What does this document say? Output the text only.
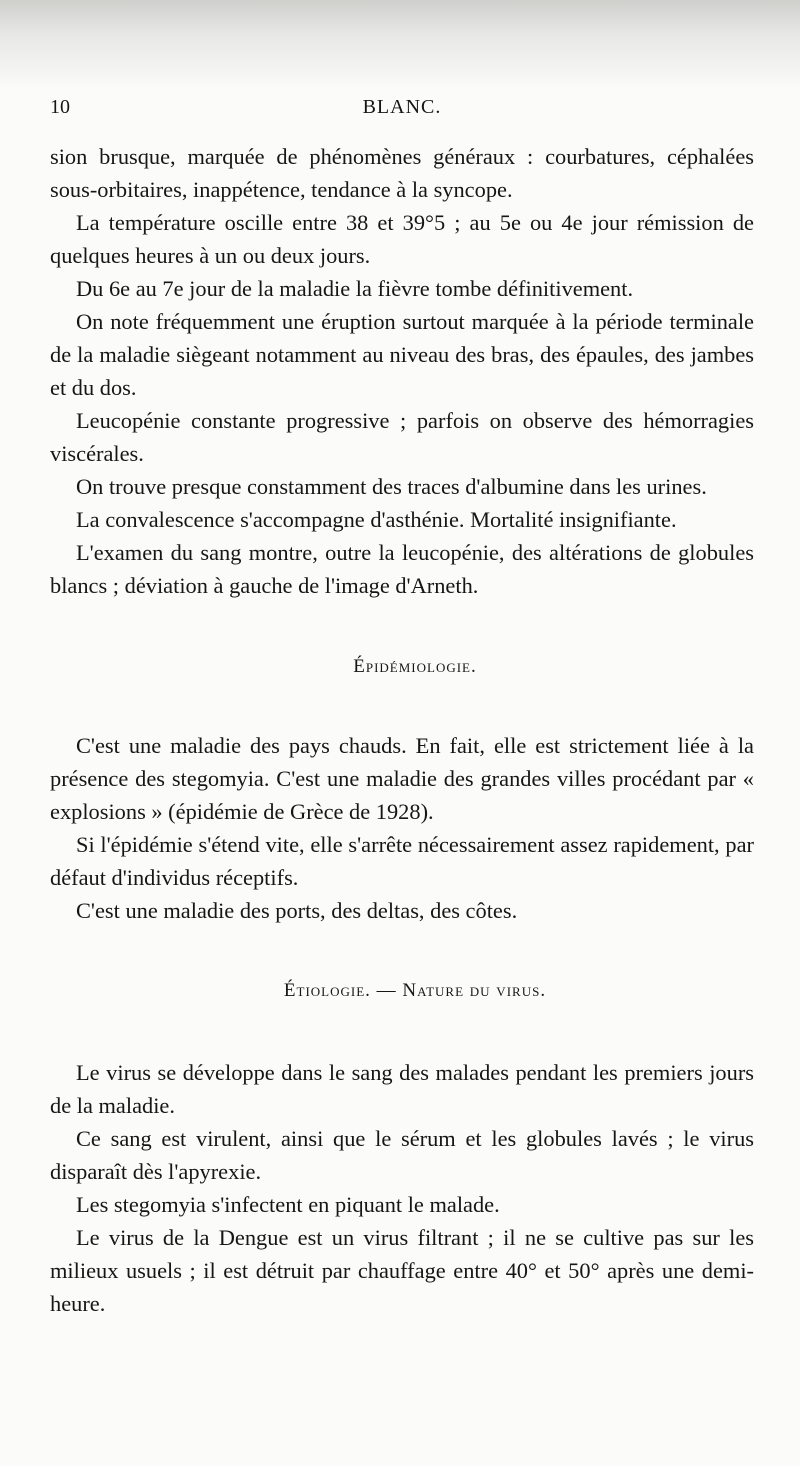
10	BLANC.

sion brusque, marquée de phénomènes généraux : courbatures, céphalées sous-orbitaires, inappétence, tendance à la syncope.

La température oscille entre 38 et 39°5 ; au 5e ou 4e jour rémission de quelques heures à un ou deux jours.

Du 6e au 7e jour de la maladie la fièvre tombe définitivement.

On note fréquemment une éruption surtout marquée à la période terminale de la maladie siègeant notamment au niveau des bras, des épaules, des jambes et du dos.

Leucopénie constante progressive ; parfois on observe des hémorragies viscérales.

On trouve presque constamment des traces d'albumine dans les urines.

La convalescence s'accompagne d'asthénie. Mortalité insignifiante.

L'examen du sang montre, outre la leucopénie, des altérations de globules blancs ; déviation à gauche de l'image d'Arneth.

Épidémiologie.

C'est une maladie des pays chauds. En fait, elle est strictement liée à la présence des stegomyia. C'est une maladie des grandes villes procédant par « explosions » (épidémie de Grèce de 1928).

Si l'épidémie s'étend vite, elle s'arrête nécessairement assez rapidement, par défaut d'individus réceptifs.

C'est une maladie des ports, des deltas, des côtes.

Étiologie. — Nature du virus.

Le virus se développe dans le sang des malades pendant les premiers jours de la maladie.

Ce sang est virulent, ainsi que le sérum et les globules lavés ; le virus disparaît dès l'apyrexie.

Les stegomyia s'infectent en piquant le malade.

Le virus de la Dengue est un virus filtrant ; il ne se cultive pas sur les milieux usuels ; il est détruit par chauffage entre 40° et 50° après une demi-heure.
